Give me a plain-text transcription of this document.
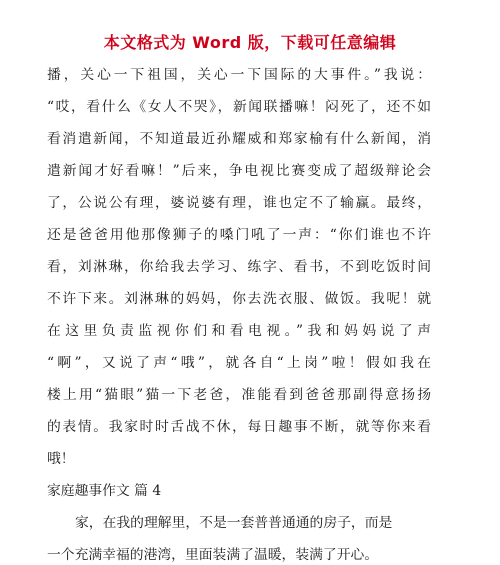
本文格式为 Word 版，下载可任意编辑
播，关心一下祖国，关心一下国际的大事件。”我说：
“哎，看什么《女人不哭》，新闻联播嘛！闷死了，还不如
看消遣新闻，不知道最近孙耀威和郑家榆有什么新闻，消
遣新闻才好看嘛！”后来，争电视比赛变成了超级辩论会
了，公说公有理，婆说婆有理，谁也定不了输赢。最终，
还是爸爸用他那像狮子的嗓门吼了一声：“你们谁也不许
看，刘淋琳，你给我去学习、练字、看书，不到吃饭时间
不许下来。刘淋琳的妈妈，你去洗衣服、做饭。我呢！就
在这里负责监视你们和看电视。”我和妈妈说了声
“啊”，又说了声“哦”，就各自“上岗”啦！假如我在
楼上用“猫眼”猫一下老爸，准能看到爸爸那副得意扬扬
的表情。我家时时舌战不休，每日趣事不断，就等你来看
哦！
家庭趣事作文 篇 4
家，在我的理解里，不是一套普普通通的房子，而是
一个充满幸福的港湾，里面装满了温暖，装满了开心。
